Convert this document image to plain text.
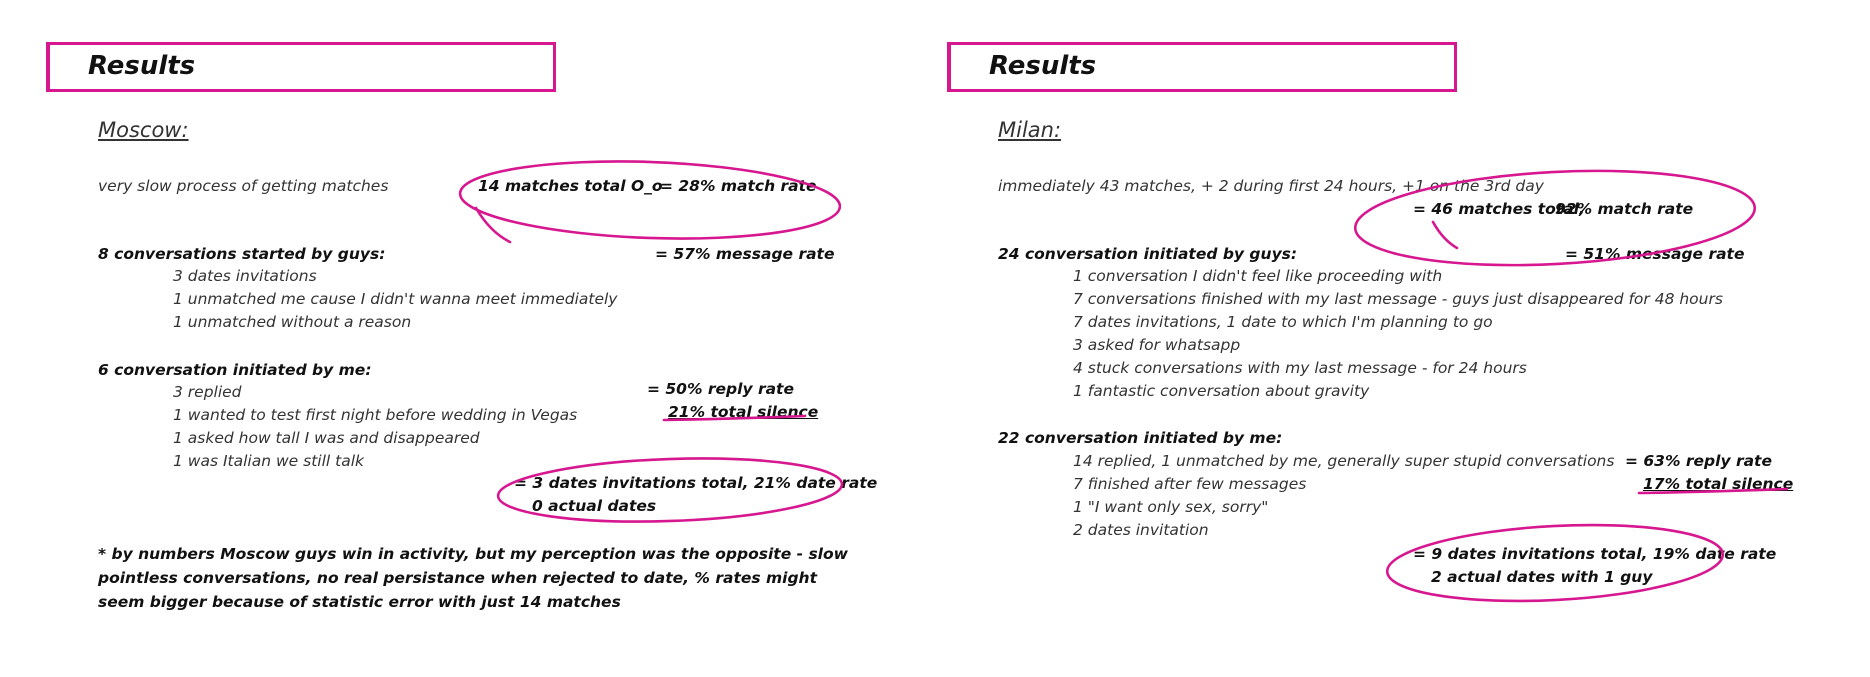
Results
Moscow:
very slow process of getting matches	14 matches total O_o
= 28% match rate
8 conversations started by guys:	= 57% message rate
3 dates invitations
1 unmatched me cause I didn't wanna meet immediately
1 unmatched without a reason
6 conversation initiated by me:
3 replied
1 wanted to test first night before wedding in Vegas
1 asked how tall I was and disappeared
1 was Italian we still talk
= 50% reply rate
21% total silence
= 3 dates invitations total, 21% date rate
0 actual dates
* by numbers Moscow guys win in activity, but my perception was the opposite - slow pointless conversations, no real persistance when rejected to date, % rates might seem bigger because of statistic error with just 14 matches
Results
Milan:
immediately 43 matches, + 2 during first 24 hours, +1 on the 3rd day
= 46 matches total,
92% match rate
24 conversation initiated by guys:	= 51% message rate
1 conversation I didn't feel like proceeding with
7 conversations finished with my last message - guys just disappeared for 48 hours
7 dates invitations, 1 date to which I'm planning to go
3 asked for whatsapp
4 stuck conversations with my last message - for 24 hours
1 fantastic conversation about gravity
22 conversation initiated by me:
14 replied, 1 unmatched by me, generally super stupid conversations
7 finished after few messages
1 "I want only sex, sorry"
2 dates invitation
= 63% reply rate
17% total silence
= 9 dates invitations total, 19% date rate
2 actual dates with 1 guy
